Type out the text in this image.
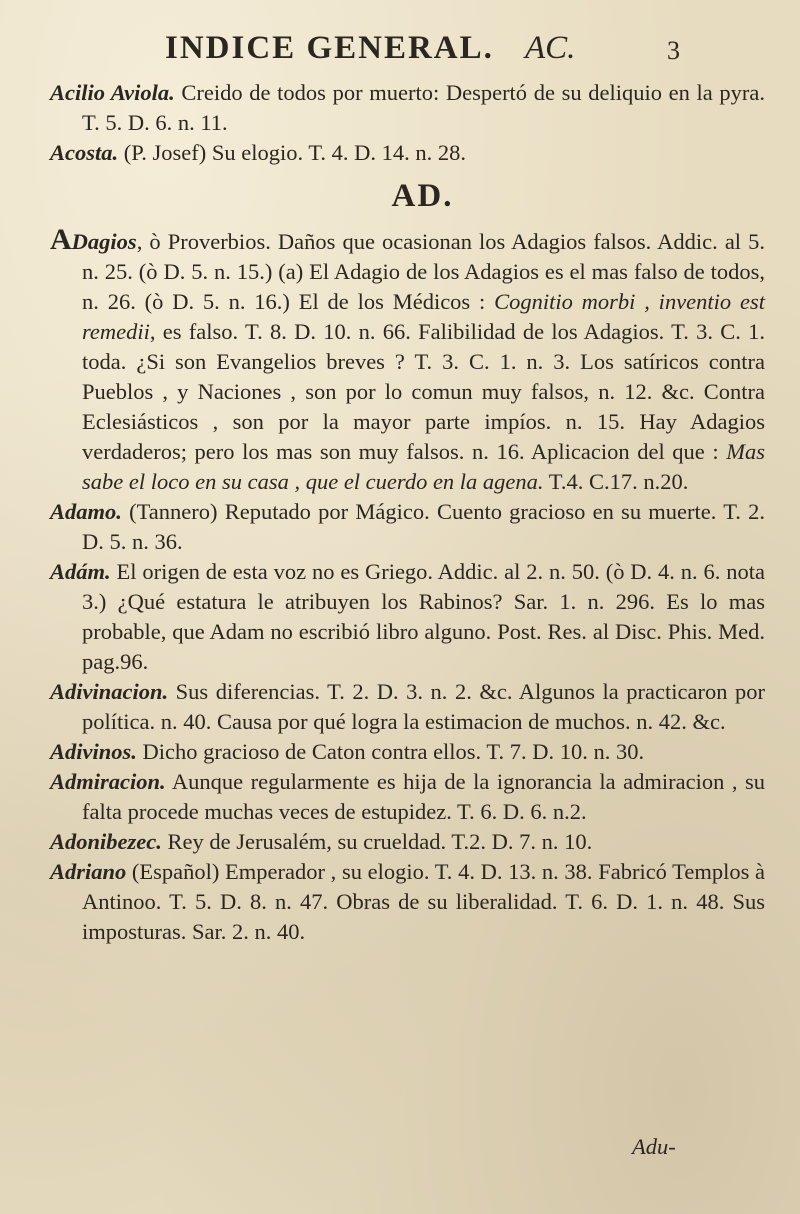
INDICE GENERAL. AC.	3

Acilio Aviola. Creido de todos por muerto: Despertó de su deliquio en la pyra. T. 5. D. 6. n. 11.

Acosta. (P. Josef) Su elogio. T. 4. D. 14. n. 28.

AD.

ADagios, ò Proverbios. Daños que ocasionan los Adagios falsos. Addic. al 5. n. 25. (ò D. 5. n. 15.) (a) El Adagio de los Adagios es el mas falso de todos, n. 26. (ò D. 5. n. 16.) El de los Médicos : Cognitio morbi , inventio est remedii, es falso. T. 8. D. 10. n. 66. Falibilidad de los Adagios. T. 3. C. 1. toda. ¿Si son Evangelios breves ? T. 3. C. 1. n. 3. Los satíricos contra Pueblos , y Naciones , son por lo comun muy falsos, n. 12. &c. Contra Eclesiásticos , son por la mayor parte impíos. n. 15. Hay Adagios verdaderos; pero los mas son muy falsos. n. 16. Aplicacion del que : Mas sabe el loco en su casa , que el cuerdo en la agena. T.4. C.17. n.20.

Adamo. (Tannero) Reputado por Mágico. Cuento gracioso en su muerte. T. 2. D. 5. n. 36.

Adám. El origen de esta voz no es Griego. Addic. al 2. n. 50. (ò D. 4. n. 6. nota 3.) ¿Qué estatura le atribuyen los Rabinos? Sar. 1. n. 296. Es lo mas probable, que Adam no escribió libro alguno. Post. Res. al Disc. Phis. Med. pag.96.

Adivinacion. Sus diferencias. T. 2. D. 3. n. 2. &c. Algunos la practicaron por política. n. 40. Causa por qué logra la estimacion de muchos. n. 42. &c.

Adivinos. Dicho gracioso de Caton contra ellos. T. 7. D. 10. n. 30.

Admiracion. Aunque regularmente es hija de la ignorancia la admiracion , su falta procede muchas veces de estupidez. T. 6. D. 6. n.2.

Adonibezec. Rey de Jerusalém, su crueldad. T.2. D. 7. n. 10.

Adriano (Español) Emperador , su elogio. T. 4. D. 13. n. 38. Fabricó Templos à Antinoo. T. 5. D. 8. n. 47. Obras de su liberalidad. T. 6. D. 1. n. 48. Sus imposturas. Sar. 2. n. 40.

Adu-
